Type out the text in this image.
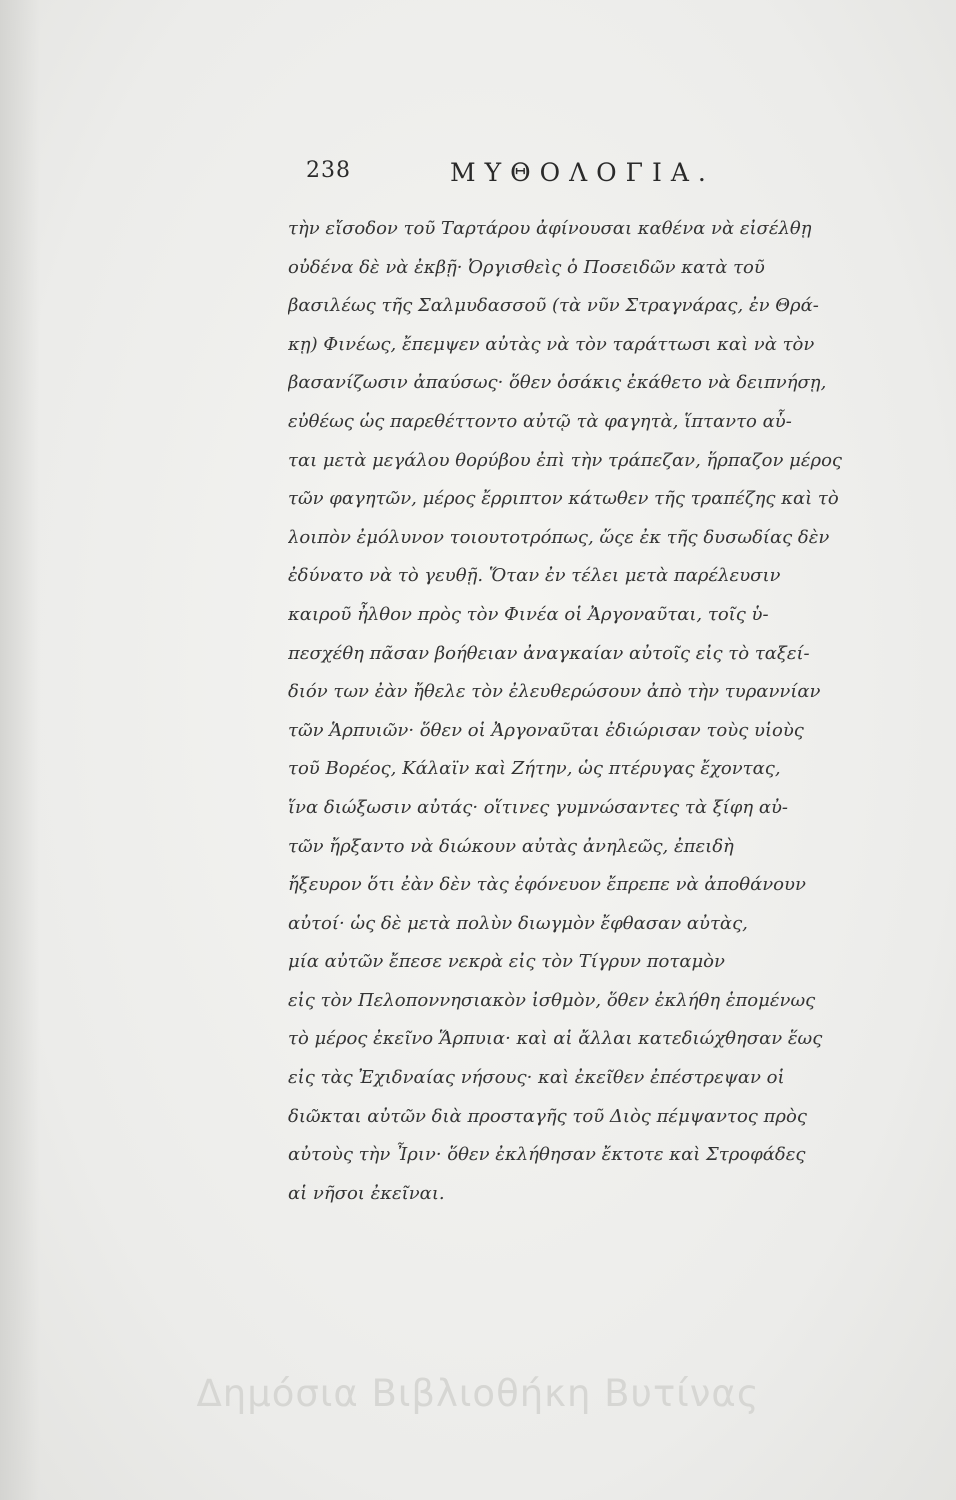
238	ΜΥΘΟΛΟΓΙΑ.
τὴν εἴσοδον τοῦ Ταρτάρου ἀφίνουσαι καθένα νὰ εἰσέλθῃ
οὐδένα δὲ νὰ ἐκβῇ· Ὀργισθεὶς ὁ Ποσειδῶν κατὰ τοῦ
βασιλέως τῆς Σαλμυδασσοῦ (τὰ νῦν Στραγνάρας, ἐν Θρά-
κῃ) Φινέως, ἔπεμψεν αὐτὰς νὰ τὸν ταράττωσι καὶ νὰ τὸν
βασανίζωσιν ἀπαύσως· ὅθεν ὁσάκις ἐκάθετο νὰ δειπνήσῃ,
εὐθέως ὡς παρεθέττοντο αὐτῷ τὰ φαγητὰ, ἵπταντο αὗ-
ται μετὰ μεγάλου θορύβου ἐπὶ τὴν τράπεζαν, ἥρπαζον μέρος
τῶν φαγητῶν, μέρος ἔρριπτον κάτωθεν τῆς τραπέζης καὶ τὸ
λοιπὸν ἐμόλυνον τοιουτοτρόπως, ὥςε ἐκ τῆς δυσωδίας δὲν
ἐδύνατο νὰ τὸ γευθῇ. Ὅταν ἐν τέλει μετὰ παρέλευσιν
καιροῦ ἦλθον πρὸς τὸν Φινέα οἱ Ἀργοναῦται, τοῖς ὑ-
πεσχέθη πᾶσαν βοήθειαν ἀναγκαίαν αὐτοῖς εἰς τὸ ταξεί-
διόν των ἐὰν ἤθελε τὸν ἐλευθερώσουν ἀπὸ τὴν τυραννίαν
τῶν Ἁρπυιῶν· ὅθεν οἱ Ἀργοναῦται ἐδιώρισαν τοὺς υἱοὺς
τοῦ Βορέος, Κάλαϊν καὶ Ζήτην, ὡς πτέρυγας ἔχοντας,
ἵνα διώξωσιν αὐτάς· οἵτινες γυμνώσαντες τὰ ξίφη αὐ-
τῶν ἤρξαντο νὰ διώκουν αὐτὰς ἀνηλεῶς, ἐπειδὴ
ἤξευρον ὅτι ἐὰν δὲν τὰς ἐφόνευον ἔπρεπε νὰ ἀποθάνουν
αὐτοί· ὡς δὲ μετὰ πολὺν διωγμὸν ἔφθασαν αὐτὰς,
μία αὐτῶν ἔπεσε νεκρὰ εἰς τὸν Τίγρυν ποταμὸν
εἰς τὸν Πελοποννησιακὸν ἰσθμὸν, ὅθεν ἐκλήθη ἑπομένως
τὸ μέρος ἐκεῖνο Ἅρπυια· καὶ αἱ ἄλλαι κατεδιώχθησαν ἕως
εἰς τὰς Ἐχιδναίας νήσους· καὶ ἐκεῖθεν ἐπέστρεψαν οἱ
διῶκται αὐτῶν διὰ προσταγῆς τοῦ Διὸς πέμψαντος πρὸς
αὐτοὺς τὴν Ἶριν· ὅθεν ἐκλήθησαν ἔκτοτε καὶ Στροφάδες
αἱ νῆσοι ἐκεῖναι.
Δημόσια Βιβλιοθήκη Βυτίνας
